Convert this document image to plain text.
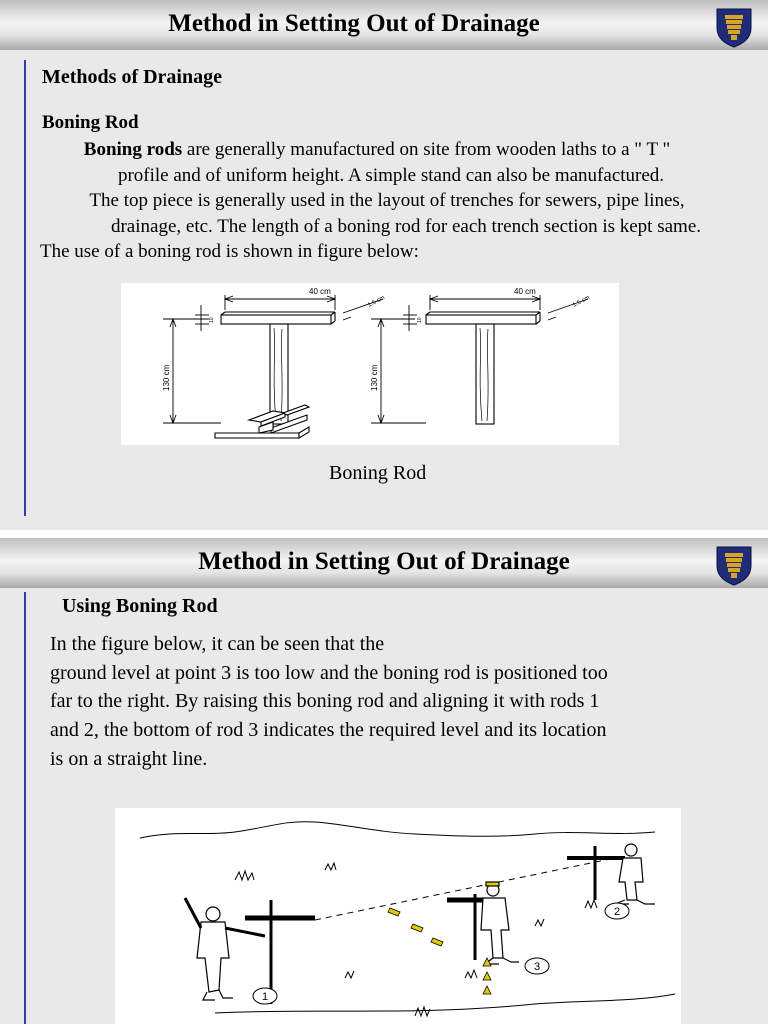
Method in Setting Out of Drainage
Methods of Drainage
Boning Rod
Boning rods are generally manufactured on site from wooden laths to a " T "
profile and of uniform height. A simple stand can also be manufactured.
The top piece is generally used in the layout of trenches for sewers, pipe lines,
drainage, etc. The length of a boning rod for each trench section is kept same.
The use of a boning rod is shown in figure below:
40 cm	40 cm
1.5 cm	1.5 cm
130 cm	130 cm
10	10
Boning Rod
Method in Setting Out of Drainage
Using Boning Rod
In the figure below, it can be seen that the
ground level at point 3 is too low and the boning rod is positioned too
far to the right. By raising this boning rod and aligning it with rods 1
and 2, the bottom of rod 3 indicates the required level and its location
is on a straight line.
1
2
3
